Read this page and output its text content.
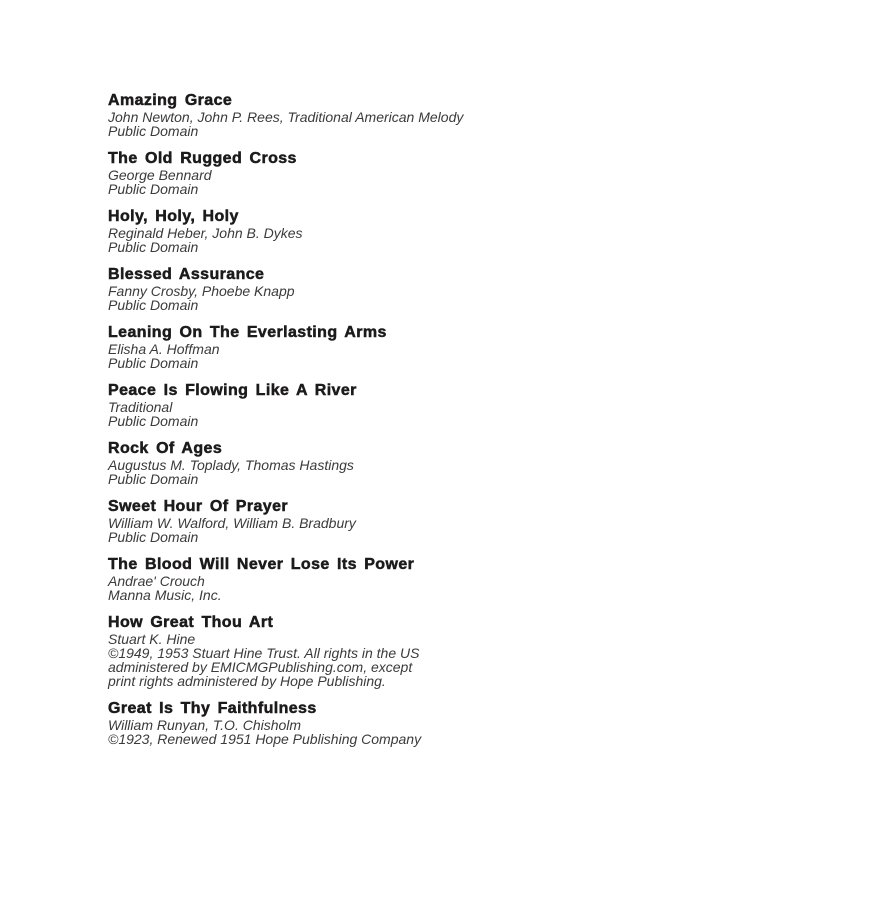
Amazing Grace
John Newton, John P. Rees, Traditional American Melody
Public Domain
The Old Rugged Cross
George Bennard
Public Domain
Holy, Holy, Holy
Reginald Heber, John B. Dykes
Public Domain
Blessed Assurance
Fanny Crosby, Phoebe Knapp
Public Domain
Leaning On The Everlasting Arms
Elisha A. Hoffman
Public Domain
Peace Is Flowing Like A River
Traditional
Public Domain
Rock Of Ages
Augustus M. Toplady, Thomas Hastings
Public Domain
Sweet Hour Of Prayer
William W. Walford, William B. Bradbury
Public Domain
The Blood Will Never Lose Its Power
Andrae' Crouch
Manna Music, Inc.
How Great Thou Art
Stuart K. Hine
©1949, 1953 Stuart Hine Trust. All rights in the US
administered by EMICMGPublishing.com, except
print rights administered by Hope Publishing.
Great Is Thy Faithfulness
William Runyan, T.O. Chisholm
©1923, Renewed 1951 Hope Publishing Company
